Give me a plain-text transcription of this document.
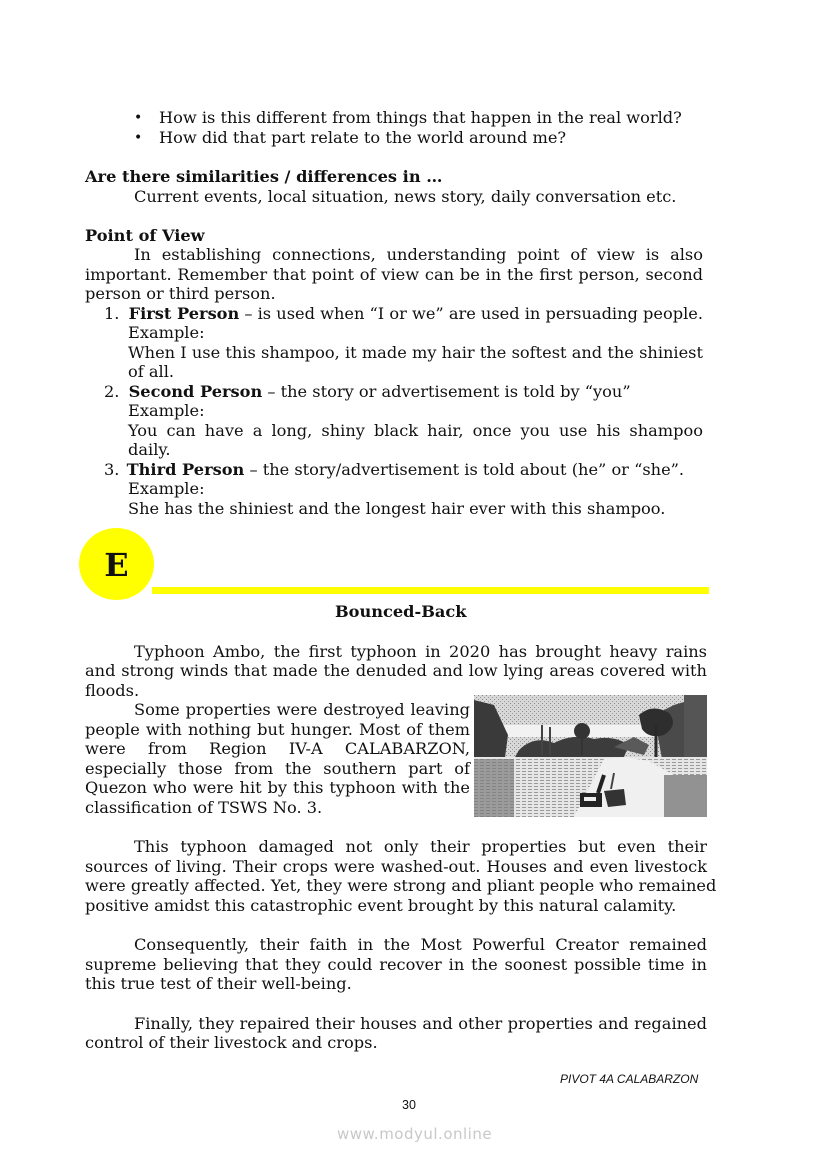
• How is this different from things that happen in the real world?
• How did that part relate to the world around me?
Are there similarities / differences in …
Current events, local situation, news story, daily conversation etc.
Point of View
In establishing connections, understanding point of view is also
important. Remember that point of view can be in the first person, second
person or third person.
1. First Person – is used when “I or we” are used in persuading people.
Example:
When I use this shampoo, it made my hair the softest and the shiniest
of all.
2. Second Person – the story or advertisement is told by “you”
Example:
You can have a long, shiny black hair, once you use his shampoo
daily.
3. Third Person – the story/advertisement is told about (he” or “she”.
Example:
She has the shiniest and the longest hair ever with this shampoo.
E
Bounced-Back
Typhoon Ambo, the first typhoon in 2020 has brought heavy rains
and strong winds that made the denuded and low lying areas covered with
floods.
Some properties were destroyed leaving
people with nothing but hunger. Most of them
were from Region IV-A CALABARZON,
especially those from the southern part of
Quezon who were hit by this typhoon with the
classification of TSWS No. 3.
This typhoon damaged not only their properties but even their
sources of living. Their crops were washed-out. Houses and even livestock
were greatly affected. Yet, they were strong and pliant people who remained
positive amidst this catastrophic event brought by this natural calamity.
Consequently, their faith in the Most Powerful Creator remained
supreme believing that they could recover in the soonest possible time in
this true test of their well-being.
Finally, they repaired their houses and other properties and regained
control of their livestock and crops.
PIVOT 4A CALABARZON
30
www.modyul.online
